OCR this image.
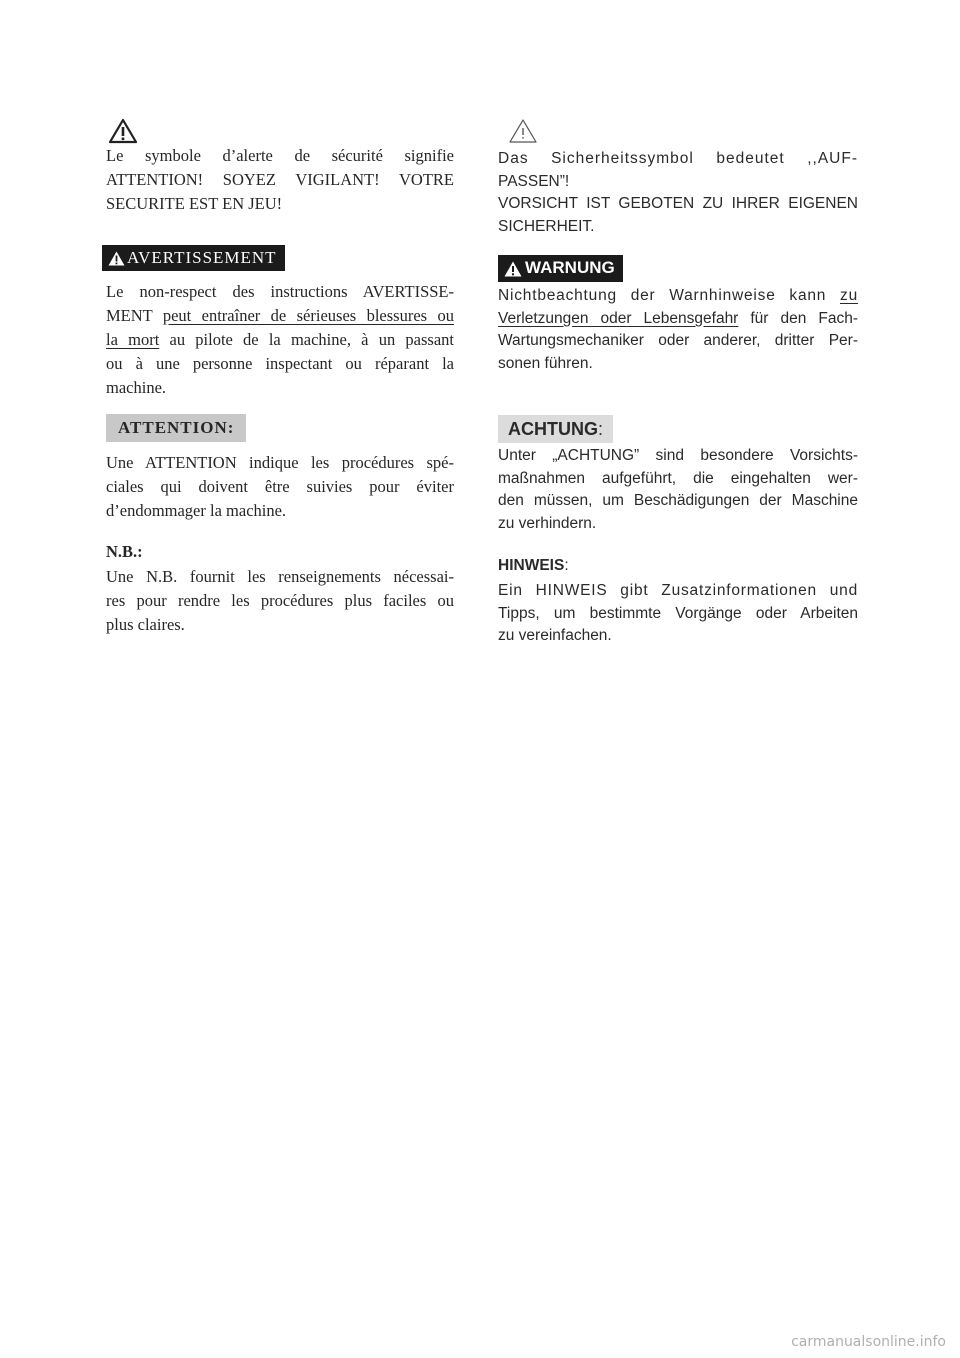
Le symbole d’alerte de sécurité signifie
ATTENTION! SOYEZ VIGILANT! VOTRE
SECURITE EST EN JEU!
AVERTISSEMENT
Le non-respect des instructions AVERTISSE-
MENT peut entraîner de sérieuses blessures ou
la mort au pilote de la machine, à un passant
ou à une personne inspectant ou réparant la
machine.
ATTENTION:
Une ATTENTION indique les procédures spé-
ciales qui doivent être suivies pour éviter
d’endommager la machine.
N.B.:
Une N.B. fournit les renseignements nécessai-
res pour rendre les procédures plus faciles ou
plus claires.
Das Sicherheitssymbol bedeutet ,,AUF-
PASSEN”!
VORSICHT IST GEBOTEN ZU IHRER EIGENEN
SICHERHEIT.
WARNUNG
Nichtbeachtung der Warnhinweise kann zu
Verletzungen oder Lebensgefahr für den Fach-
Wartungsmechaniker oder anderer, dritter Per-
sonen führen.
ACHTUNG:
Unter „ACHTUNG” sind besondere Vorsichts-
maßnahmen aufgeführt, die eingehalten wer-
den müssen, um Beschädigungen der Maschine
zu verhindern.
HINWEIS:
Ein HINWEIS gibt Zusatzinformationen und
Tipps, um bestimmte Vorgänge oder Arbeiten
zu vereinfachen.
carmanualsonline.info
